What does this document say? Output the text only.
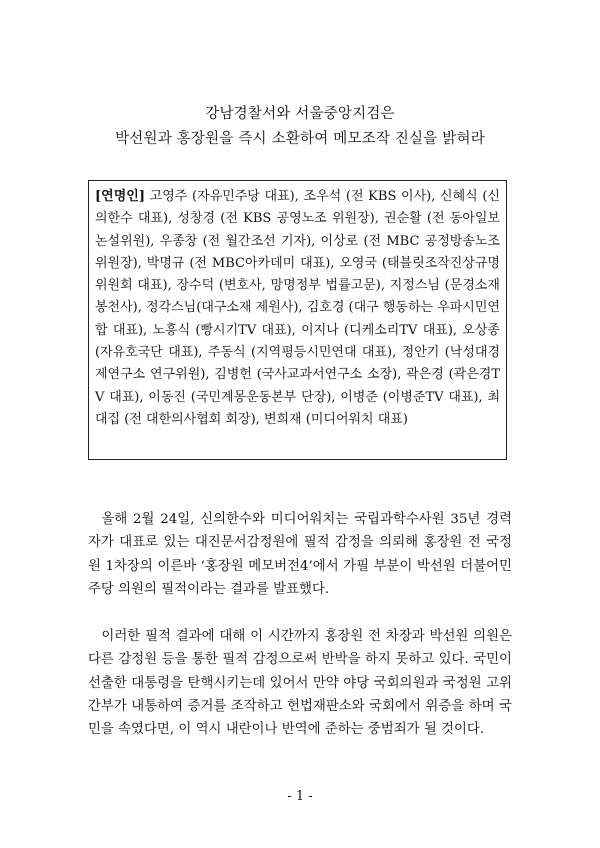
강남경찰서와 서울중앙지검은
박선원과 홍장원을 즉시 소환하여 메모조작 진실을 밝혀라
[연명인] 고영주 (자유민주당 대표), 조우석 (전 KBS 이사), 신혜식 (신의한수 대표), 성창경 (전 KBS 공영노조 위원장), 권순활 (전 동아일보 논설위원), 우종창 (전 월간조선 기자), 이상로 (전 MBC 공정방송노조 위원장), 박명규 (전 MBC아카데미 대표), 오영국 (태블릿조작진상규명위원회 대표), 장수덕 (변호사, 망명정부 법률고문), 지정스님 (문경소재 봉천사), 정각스님(대구소재 제원사), 김호경 (대구 행동하는 우파시민연합 대표), 노흥식 (빵시기TV 대표), 이지나 (디케소리TV 대표), 오상종 (자유호국단 대표), 주동식 (지역평등시민연대 대표), 정안기 (낙성대경제연구소 연구위원), 김병헌 (국사교과서연구소 소장), 곽은경 (곽은경TV 대표), 이동진 (국민계몽운동본부 단장), 이병준 (이병준TV 대표), 최대집 (전 대한의사협회 회장), 변희재 (미디어워치 대표)

올해 2월 24일, 신의한수와 미디어워치는 국립과학수사원 35년 경력자가 대표로 있는 대진문서감정원에 필적 감정을 의뢰해 홍장원 전 국정원 1차장의 이른바 ‘홍장원 메모버전4’에서 가필 부분이 박선원 더불어민주당 의원의 필적이라는 결과를 발표했다.

이러한 필적 결과에 대해 이 시간까지 홍장원 전 차장과 박선원 의원은 다른 감정원 등을 통한 필적 감정으로써 반박을 하지 못하고 있다. 국민이 선출한 대통령을 탄핵시키는데 있어서 만약 야당 국회의원과 국정원 고위간부가 내통하여 증거를 조작하고 헌법재판소와 국회에서 위증을 하며 국민을 속였다면, 이 역시 내란이나 반역에 준하는 중범죄가 될 것이다.

- 1 -
